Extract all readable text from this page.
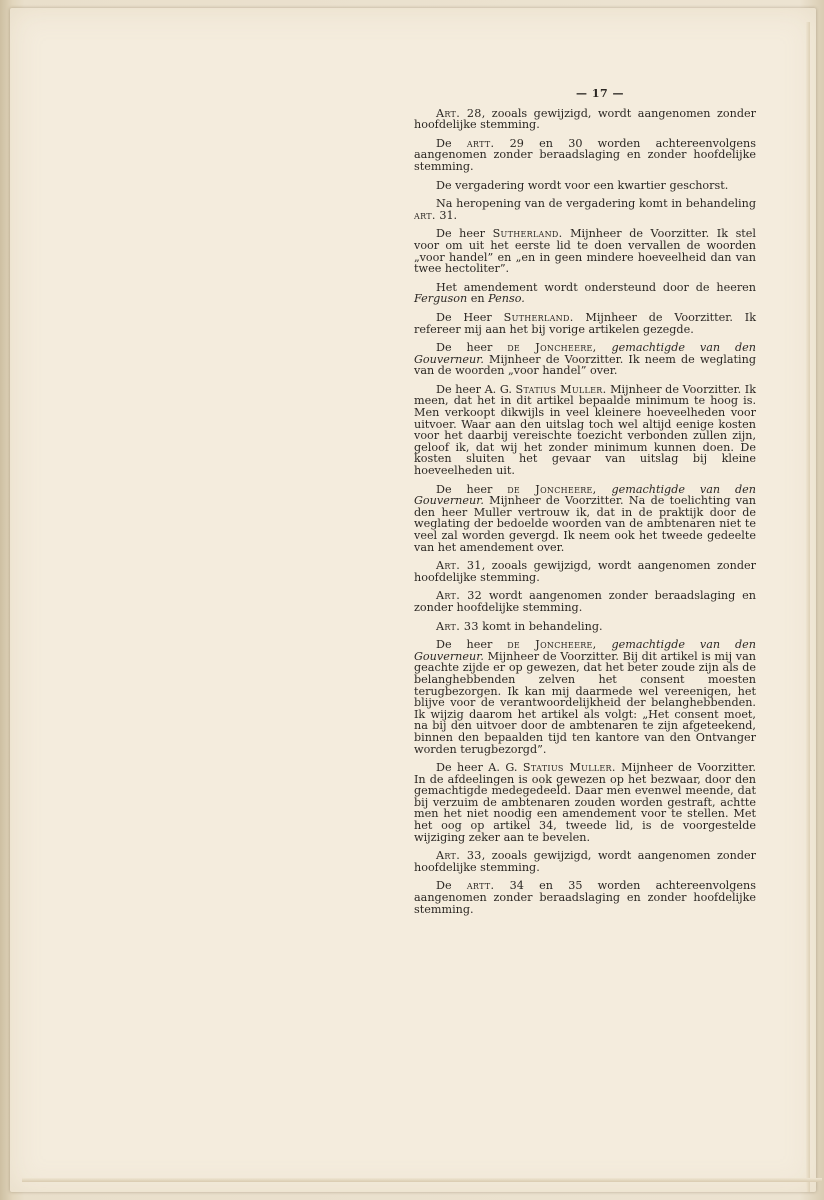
— 17 —

Art. 28, zooals gewijzigd, wordt aangenomen zonder hoofdelijke stemming.

De artt. 29 en 30 worden achtereenvolgens aangenomen zonder beraadslaging en zonder hoofdelijke stemming.

De vergadering wordt voor een kwartier geschorst.

Na heropening van de vergadering komt in behandeling art. 31.

De heer Sutherland. Mijnheer de Voorzitter. Ik stel voor om uit het eerste lid te doen vervallen de woorden „voor handel” en „en in geen mindere hoeveelheid dan van twee hectoliter”.

Het amendement wordt ondersteund door de heeren Ferguson en Penso.

De Heer Sutherland. Mijnheer de Voorzitter. Ik refereer mij aan het bij vorige artikelen gezegde.

De heer de Joncheere, gemachtigde van den Gouverneur. Mijnheer de Voorzitter. Ik neem de weglating van de woorden „voor handel” over.

De heer A. G. Statius Muller. Mijnheer de Voorzitter. Ik meen, dat het in dit artikel bepaalde minimum te hoog is. Men verkoopt dikwijls in veel kleinere hoeveelheden voor uitvoer. Waar aan den uitslag toch wel altijd eenige kosten voor het daarbij vereischte toezicht verbonden zullen zijn, geloof ik, dat wij het zonder minimum kunnen doen. De kosten sluiten het gevaar van uitslag bij kleine hoeveelheden uit.

De heer de Joncheere, gemachtigde van den Gouverneur. Mijnheer de Voorzitter. Na de toelichting van den heer Muller vertrouw ik, dat in de praktijk door de weglating der bedoelde woorden van de ambtenaren niet te veel zal worden gevergd. Ik neem ook het tweede gedeelte van het amendement over.

Art. 31, zooals gewijzigd, wordt aangenomen zonder hoofdelijke stemming.

Art. 32 wordt aangenomen zonder beraadslaging en zonder hoofdelijke stemming.

Art. 33 komt in behandeling.

De heer de Joncheere, gemachtigde van den Gouverneur. Mijnheer de Voorzitter. Bij dit artikel is mij van geachte zijde er op gewezen, dat het beter zoude zijn als de belanghebbenden zelven het consent moesten terugbezorgen. Ik kan mij daarmede wel vereenigen, het blijve voor de verantwoordelijkheid der belanghebbenden. Ik wijzig daarom het artikel als volgt: „Het consent moet, na bij den uitvoer door de ambtenaren te zijn afgeteekend, binnen den bepaalden tijd ten kantore van den Ontvanger worden terugbezorgd”.

De heer A. G. Statius Muller. Mijnheer de Voorzitter. In de afdeelingen is ook gewezen op het bezwaar, door den gemachtigde medegedeeld. Daar men evenwel meende, dat bij verzuim de ambtenaren zouden worden gestraft, achtte men het niet noodig een amendement voor te stellen. Met het oog op artikel 34, tweede lid, is de voorgestelde wijziging zeker aan te bevelen.

Art. 33, zooals gewijzigd, wordt aangenomen zonder hoofdelijke stemming.

De artt. 34 en 35 worden achtereenvolgens aangenomen zonder beraadslaging en zonder hoofdelijke stemming.
